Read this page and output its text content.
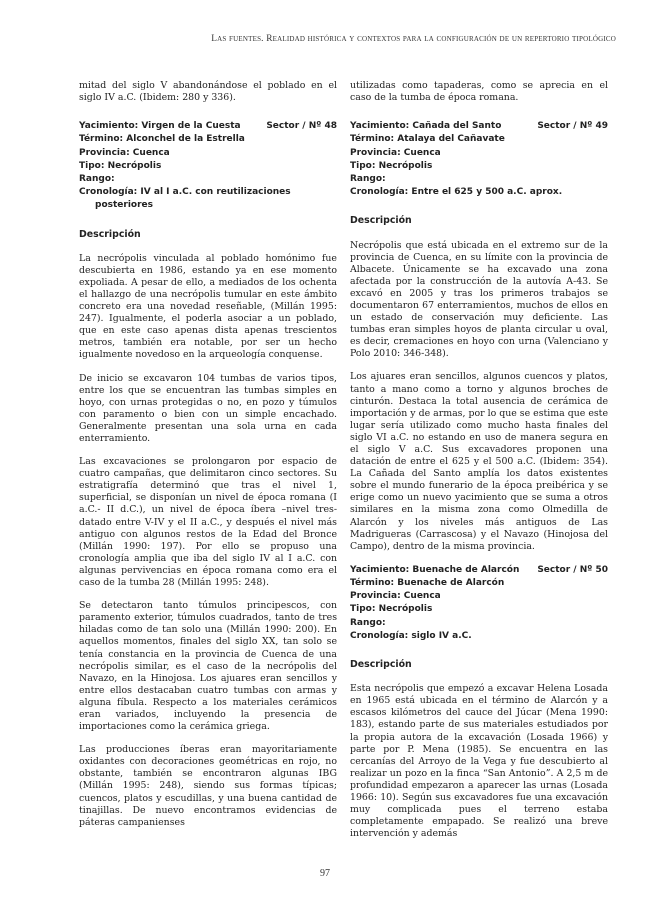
Las fuentes. Realidad histórica y contextos para la configuración de un repertorio tipológico

mitad del siglo V abandonándose el poblado en el siglo IV a.C. (Ibidem: 280 y 336).

Yacimiento: Virgen de la Cuesta	Sector / Nº 48
Término: Alconchel de la Estrella
Provincia: Cuenca
Tipo: Necrópolis
Rango:
Cronología: IV al I a.C. con reutilizaciones
posteriores
Descripción

La necrópolis vinculada al poblado homónimo fue descubierta en 1986, estando ya en ese momento expoliada. A pesar de ello, a mediados de los ochenta el hallazgo de una necrópolis tumular en este ámbito concreto era una novedad reseñable, (Millán 1995: 247). Igualmente, el poderla asociar a un poblado, que en este caso apenas dista apenas trescientos metros, también era notable, por ser un hecho igualmente novedoso en la arqueología conquense.

De inicio se excavaron 104 tumbas de varios tipos, entre los que se encuentran las tumbas simples en hoyo, con urnas protegidas o no, en pozo y túmulos con paramento o bien con un simple encachado. Generalmente presentan una sola urna en cada enterramiento.

Las excavaciones se prolongaron por espacio de cuatro campañas, que delimitaron cinco sectores. Su estratigrafía determinó que tras el nivel 1, superficial, se disponían un nivel de época romana (I a.C.- II d.C.), un nivel de época íbera –nivel tres- datado entre V-IV y el II a.C., y después el nivel más antiguo con algunos restos de la Edad del Bronce (Millán 1990: 197). Por ello se propuso una cronología amplia que iba del siglo IV al I a.C. con algunas pervivencias en época romana como era el caso de la tumba 28 (Millán 1995: 248).

Se detectaron tanto túmulos principescos, con paramento exterior, túmulos cuadrados, tanto de tres hiladas como de tan solo una (Millán 1990: 200). En aquellos momentos, finales del siglo XX, tan solo se tenía constancia en la provincia de Cuenca de una necrópolis similar, es el caso de la necrópolis del Navazo, en la Hinojosa. Los ajuares eran sencillos y entre ellos destacaban cuatro tumbas con armas y alguna fíbula. Respecto a los materiales cerámicos eran variados, incluyendo la presencia de importaciones como la cerámica griega.

Las producciones íberas eran mayoritariamente oxidantes con decoraciones geométricas en rojo, no obstante, también se encontraron algunas IBG (Millán 1995: 248), siendo sus formas típicas; cuencos, platos y escudillas, y una buena cantidad de tinajillas. De nuevo encontramos evidencias de páteras campanienses

utilizadas como tapaderas, como se aprecia en el caso de la tumba de época romana.

Yacimiento: Cañada del Santo	Sector / Nº 49
Término: Atalaya del Cañavate
Provincia: Cuenca
Tipo: Necrópolis
Rango:
Cronología: Entre el 625 y 500 a.C. aprox.
Descripción

Necrópolis que está ubicada en el extremo sur de la provincia de Cuenca, en su límite con la provincia de Albacete. Únicamente se ha excavado una zona afectada por la construcción de la autovía A-43. Se excavó en 2005 y tras los primeros trabajos se documentaron 67 enterramientos, muchos de ellos en un estado de conservación muy deficiente. Las tumbas eran simples hoyos de planta circular u oval, es decir, cremaciones en hoyo con urna (Valenciano y Polo 2010: 346-348).

Los ajuares eran sencillos, algunos cuencos y platos, tanto a mano como a torno y algunos broches de cinturón. Destaca la total ausencia de cerámica de importación y de armas, por lo que se estima que este lugar sería utilizado como mucho hasta finales del siglo VI a.C. no estando en uso de manera segura en el siglo V a.C. Sus excavadores proponen una datación de entre el 625 y el 500 a.C. (Ibidem: 354). La Cañada del Santo amplía los datos existentes sobre el mundo funerario de la época preibérica y se erige como un nuevo yacimiento que se suma a otros similares en la misma zona como Olmedilla de Alarcón y los niveles más antiguos de Las Madrigueras (Carrascosa) y el Navazo (Hinojosa del Campo), dentro de la misma provincia.

Yacimiento: Buenache de Alarcón Sector / Nº 50
Término: Buenache de Alarcón
Provincia: Cuenca
Tipo: Necrópolis
Rango:
Cronología: siglo IV a.C.
Descripción

Esta necrópolis que empezó a excavar Helena Losada en 1965 está ubicada en el término de Alarcón y a escasos kilómetros del cauce del Júcar (Mena 1990: 183), estando parte de sus materiales estudiados por la propia autora de la excavación (Losada 1966) y parte por P. Mena (1985). Se encuentra en las cercanías del Arroyo de la Vega y fue descubierto al realizar un pozo en la finca “San Antonio”. A 2,5 m de profundidad empezaron a aparecer las urnas (Losada 1966: 10). Según sus excavadores fue una excavación muy complicada pues el terreno estaba completamente empapado. Se realizó una breve intervención y además

97
